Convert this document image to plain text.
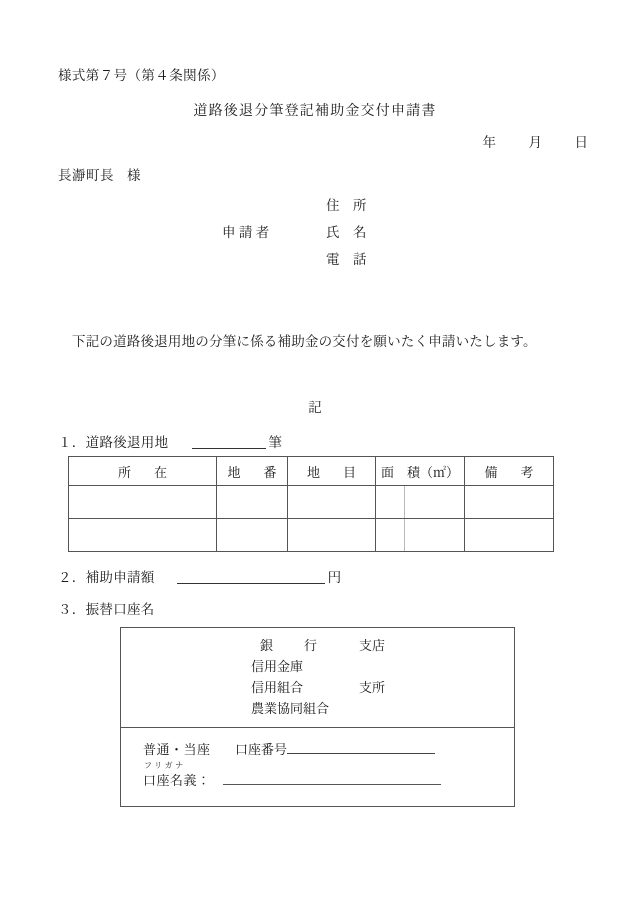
様式第７号（第４条関係）
道路後退分筆登記補助金交付申請書
年 月 日
長瀞町長 様
住　所
申 請 者	氏　名
電　話
下記の道路後退用地の分筆に係る補助金の交付を願いたく申請いたします。
記
１．道路後退用地	筆
所　在	地　番	地　目	面　積（㎡）	備　考

２．補助申請額	円
３．振替口座名
銀　行	支店
信用金庫
信用組合	支所
農業協同組合
普通・当座	口座番号
フリガナ
口座名義：
